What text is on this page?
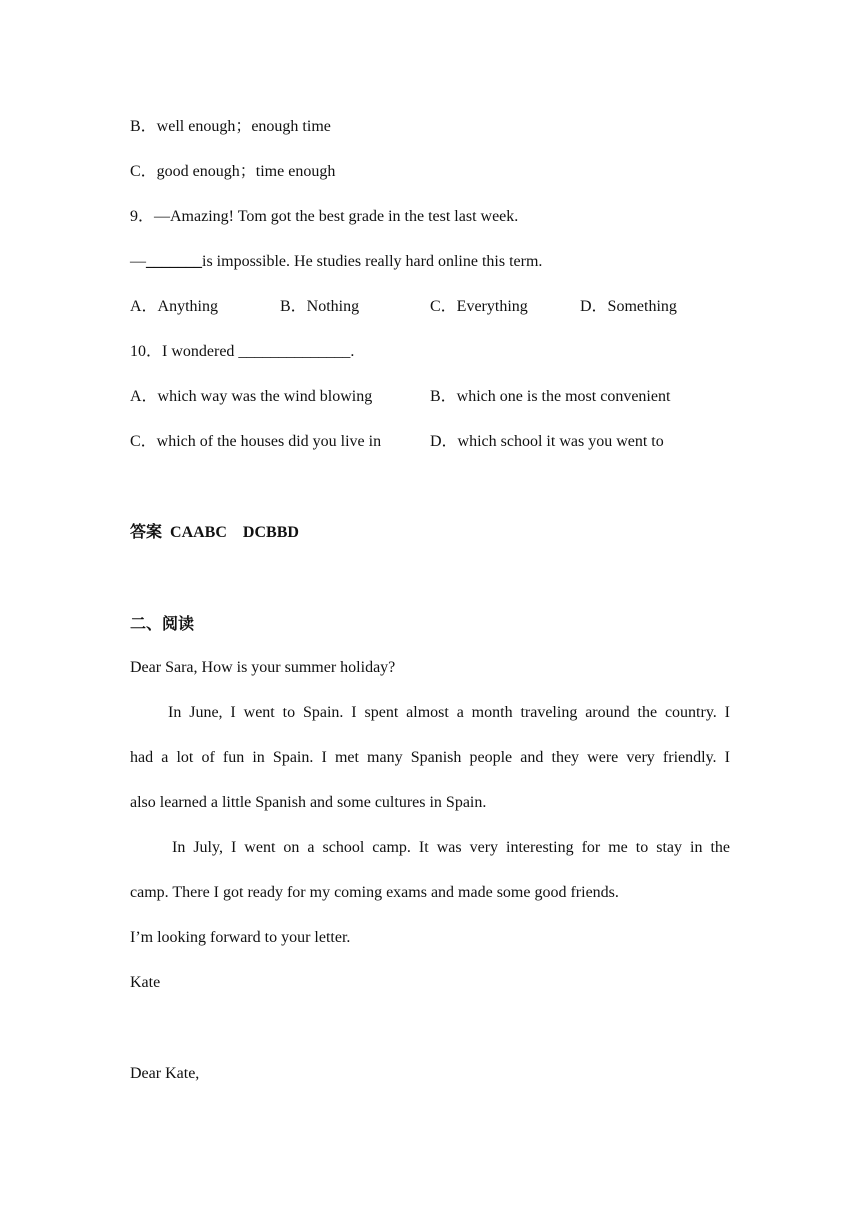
B．well enough；enough time
C．good enough；time enough
9．—Amazing! Tom got the best grade in the test last week.
—_______is impossible. He studies really hard online this term.
A．Anything	B．Nothing	C．Everything	D．Something
10．I wondered ______________.
A．which way was the wind blowing	B．which one is the most convenient
C．which of the houses did you live in	D．which school it was you went to
答案 CAABC DCBBD
二、阅读
Dear Sara, How is your summer holiday?
In June, I went to Spain. I spent almost a month traveling around the country. I
had a lot of fun in Spain. I met many Spanish people and they were very friendly. I
also learned a little Spanish and some cultures in Spain.
In July, I went on a school camp. It was very interesting for me to stay in the
camp. There I got ready for my coming exams and made some good friends.
I’m looking forward to your letter.
Kate
Dear Kate,
